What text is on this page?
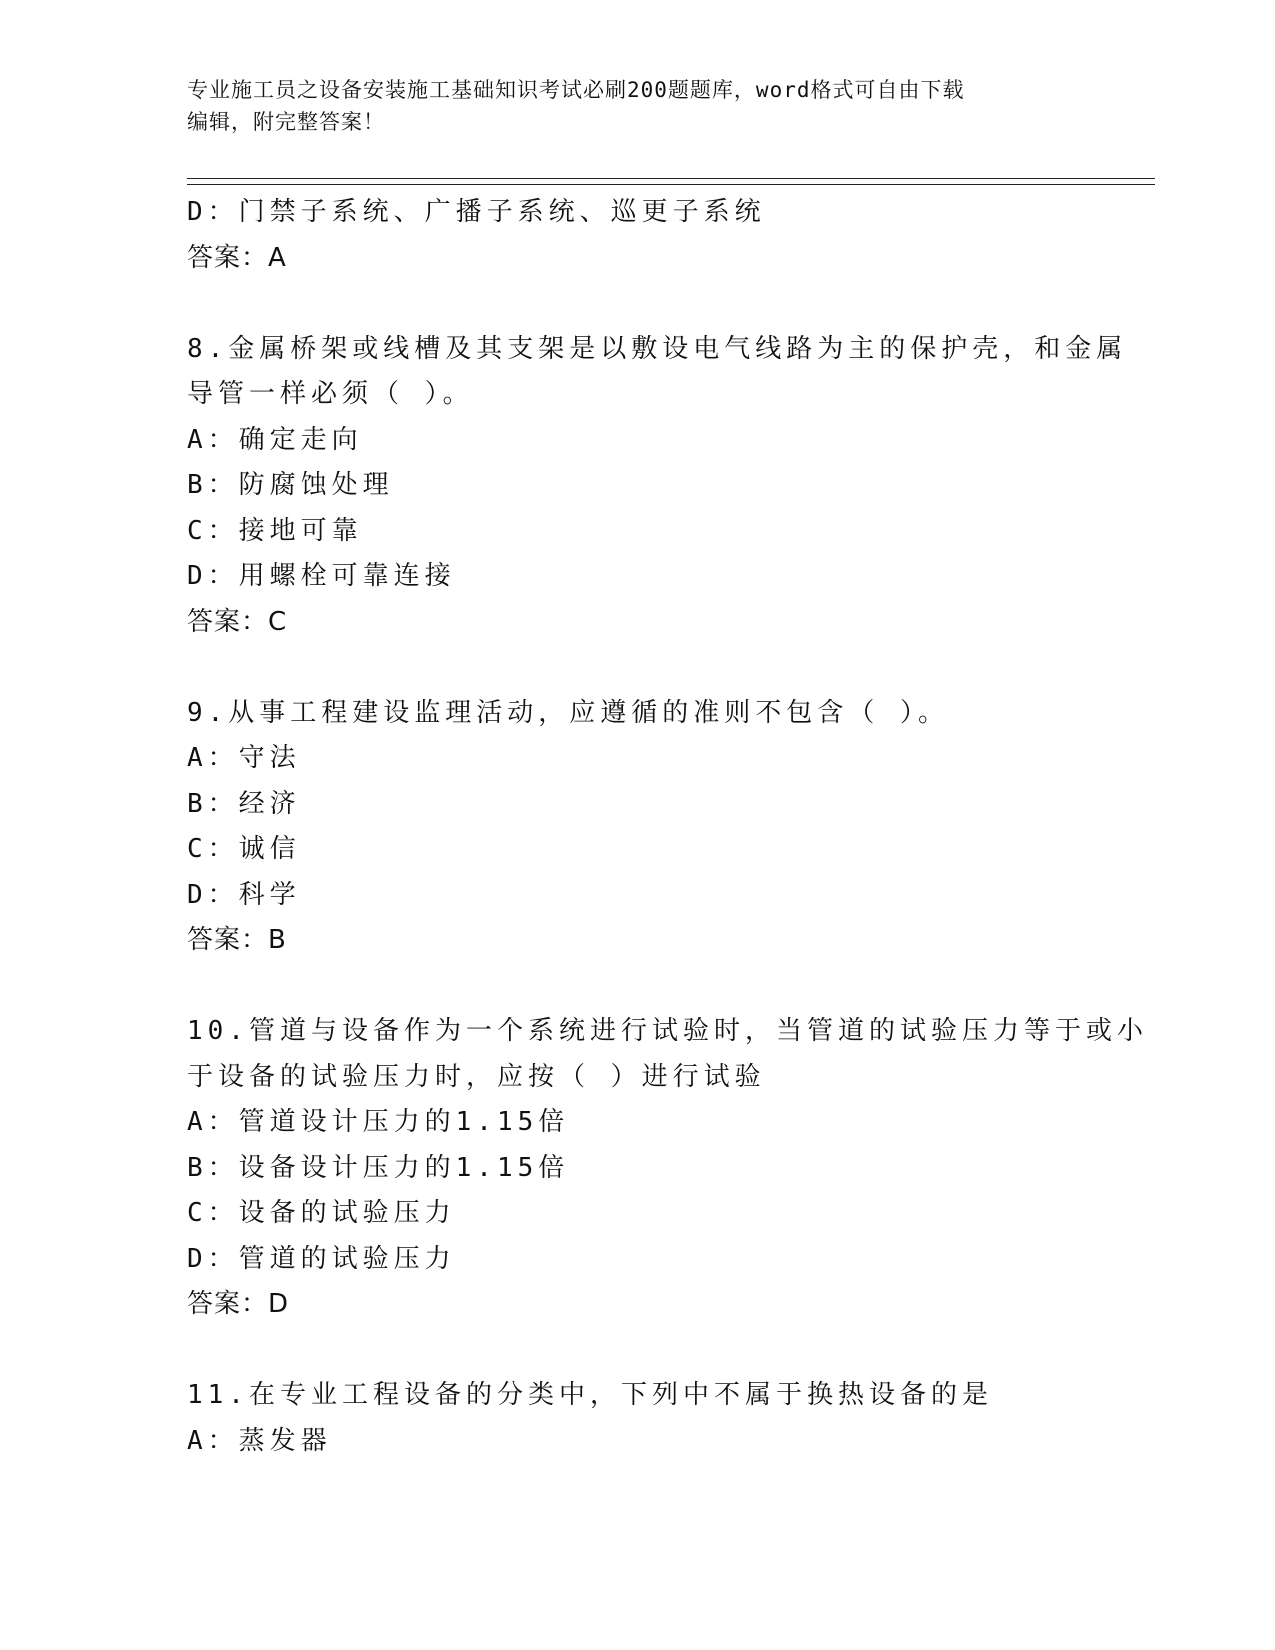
专业施工员之设备安装施工基础知识考试必刷200题题库，word格式可自由下载
编辑，附完整答案！
D：门禁子系统、广播子系统、巡更子系统
答案：A
8.金属桥架或线槽及其支架是以敷设电气线路为主的保护壳，和金属
导管一样必须（ ）。
A：确定走向
B：防腐蚀处理
C：接地可靠
D：用螺栓可靠连接
答案：C
9.从事工程建设监理活动，应遵循的准则不包含（ ）。
A：守法
B：经济
C：诚信
D：科学
答案：B
10.管道与设备作为一个系统进行试验时，当管道的试验压力等于或小
于设备的试验压力时，应按（ ）进行试验
A：管道设计压力的1.15倍
B：设备设计压力的1.15倍
C：设备的试验压力
D：管道的试验压力
答案：D
11.在专业工程设备的分类中，下列中不属于换热设备的是
A：蒸发器
